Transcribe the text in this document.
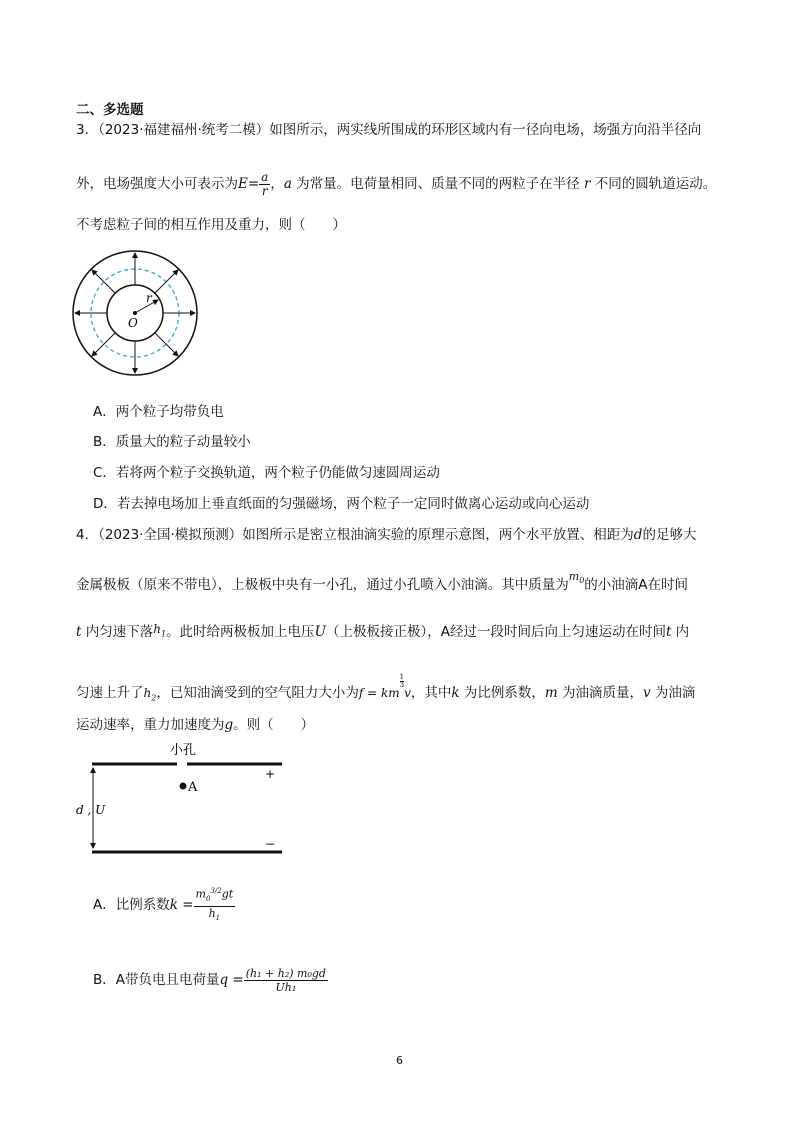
二、多选题
3．（2023·福建福州·统考二模）如图所示，两实线所围成的环形区域内有一径向电场，场强方向沿半径向
外，电场强度大小可表示为$E= \frac{a}{r}$ ，a 为常量。电荷量相同、质量不同的两粒子在半径 r 不同的圆轨道运动。
不考虑粒子间的相互作用及重力，则（　　）
r
O
A．两个粒子均带负电
B．质量大的粒子动量较小
C．若将两个粒子交换轨道，两个粒子仍能做匀速圆周运动
D．若去掉电场加上垂直纸面的匀强磁场，两个粒子一定同时做离心运动或向心运动
4．（2023·全国·模拟预测）如图所示是密立根油滴实验的原理示意图，两个水平放置、相距为d的足够大
金属极板（原来不带电），上极板中央有一小孔，通过小孔喷入小油滴。其中质量为$^{m_0}$的小油滴A在时间
t 内匀速下落$h_1$。此时给两极板加上电压U（上极板接正极），A经过一段时间后向上匀速运动在时间t 内
匀速上升了$h_2$，已知油滴受到的空气阻力大小为f = km
$\frac{1}{3}$
v，其中k 为比例系数，m 为油滴质量，v 为油滴
运动速率，重力加速度为g。则（　　）
小孔
A
+
−
d , U
A．比例系数$k = \frac{m_0^{3/2}gt}{h_1}$
B．A带负电且电荷量$q = \frac{\text{(h₁ + h₂) m₀gd}}{\text{Uh₁}}$
6
